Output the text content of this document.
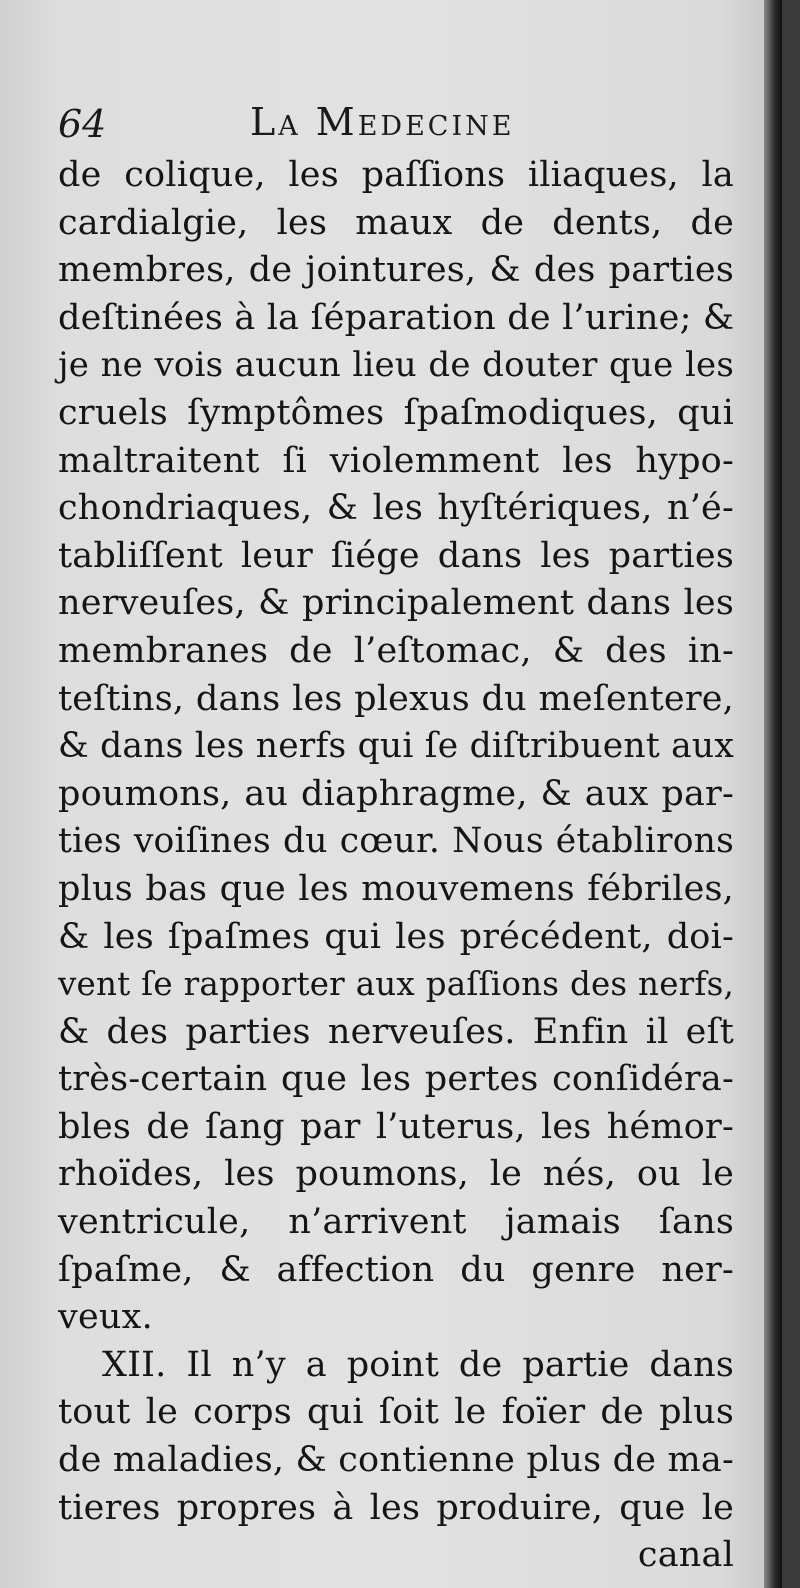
64	La Medecine
de colique, les paſſions iliaques, la
cardialgie, les maux de dents, de
membres, de jointures, & des parties
deſtinées à la ſéparation de l’urine; &
je ne vois aucun lieu de douter que les
cruels ſymptômes ſpaſmodiques, qui
maltraitent ſi violemment les hypo-
chondriaques, & les hyſtériques, n’é-
tabliſſent leur ſiége dans les parties
nerveuſes, & principalement dans les
membranes de l’eſtomac, & des in-
teſtins, dans les plexus du meſentere,
& dans les nerfs qui ſe diſtribuent aux
poumons, au diaphragme, & aux par-
ties voiſines du cœur. Nous établirons
plus bas que les mouvemens fébriles,
& les ſpaſmes qui les précédent, doi-
vent ſe rapporter aux paſſions des nerfs,
& des parties nerveuſes. Enfin il eſt
très-certain que les pertes conſidéra-
bles de ſang par l’uterus, les hémor-
rhoïdes, les poumons, le nés, ou le
ventricule, n’arrivent jamais ſans
ſpaſme, & affection du genre ner-
veux.
XII. Il n’y a point de partie dans
tout le corps qui ſoit le foïer de plus
de maladies, & contienne plus de ma-
tieres propres à les produire, que le
canal
